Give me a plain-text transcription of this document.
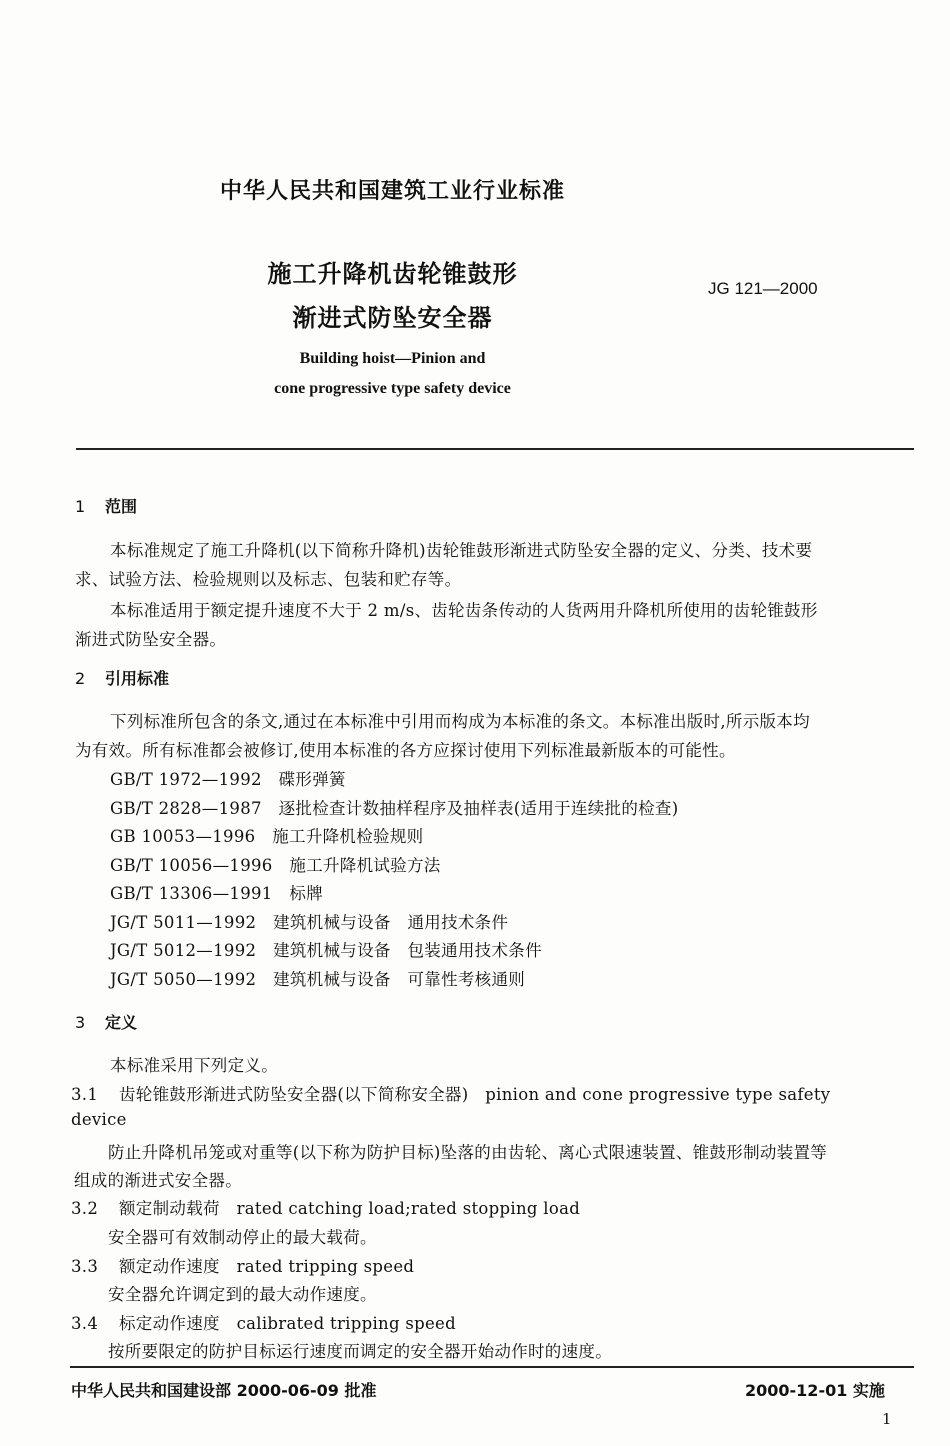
中华人民共和国建筑工业行业标准
施工升降机齿轮锥鼓形
渐进式防坠安全器
JG 121—2000
Building hoist—Pinion and
cone progressive type safety device
1 范围
本标准规定了施工升降机(以下简称升降机)齿轮锥鼓形渐进式防坠安全器的定义、分类、技术要
求、试验方法、检验规则以及标志、包装和贮存等。
本标准适用于额定提升速度不大于 2 m/s、齿轮齿条传动的人货两用升降机所使用的齿轮锥鼓形
渐进式防坠安全器。
2 引用标准
下列标准所包含的条文,通过在本标准中引用而构成为本标准的条文。本标准出版时,所示版本均
为有效。所有标准都会被修订,使用本标准的各方应探讨使用下列标准最新版本的可能性。
GB/T 1972—1992　碟形弹簧
GB/T 2828—1987　逐批检查计数抽样程序及抽样表(适用于连续批的检查)
GB 10053—1996　施工升降机检验规则
GB/T 10056—1996　施工升降机试验方法
GB/T 13306—1991　标牌
JG/T 5011—1992　建筑机械与设备　通用技术条件
JG/T 5012—1992　建筑机械与设备　包装通用技术条件
JG/T 5050—1992　建筑机械与设备　可靠性考核通则
3 定义
本标准采用下列定义。
3.1 齿轮锥鼓形渐进式防坠安全器(以下简称安全器)　pinion and cone progressive type safety
device
防止升降机吊笼或对重等(以下称为防护目标)坠落的由齿轮、离心式限速装置、锥鼓形制动装置等
组成的渐进式安全器。
3.2 额定制动载荷　rated catching load;rated stopping load
安全器可有效制动停止的最大载荷。
3.3 额定动作速度　rated tripping speed
安全器允许调定到的最大动作速度。
3.4 标定动作速度　calibrated tripping speed
按所要限定的防护目标运行速度而调定的安全器开始动作时的速度。
中华人民共和国建设部 2000-06-09 批准	2000-12-01 实施
1
